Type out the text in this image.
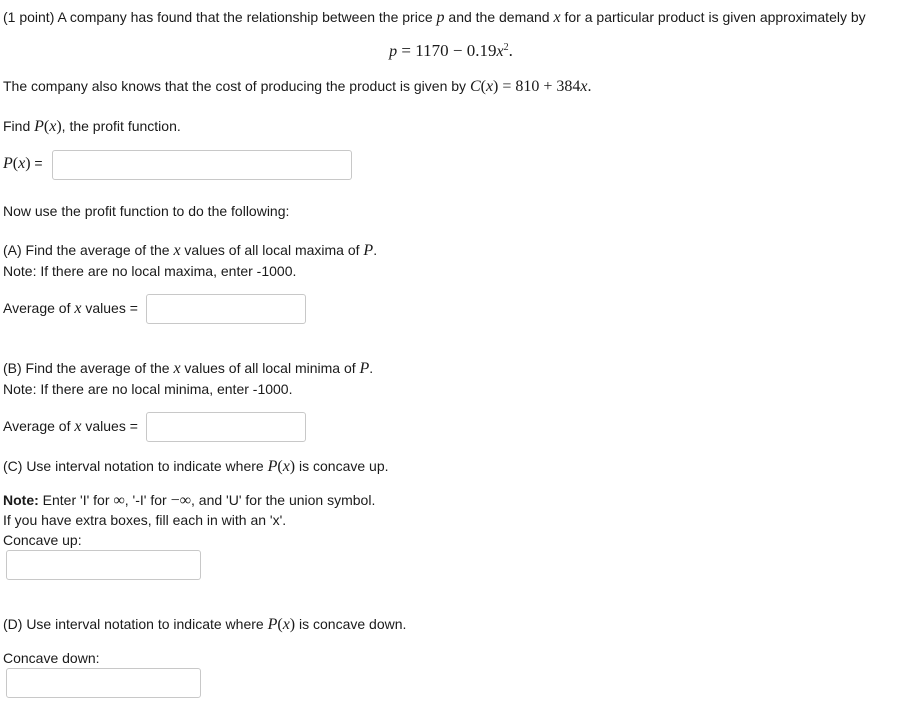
(1 point) A company has found that the relationship between the price p and the demand x for a particular product is given approximately by
$p = 1170 - 0.19x^2$.
The company also knows that the cost of producing the product is given by C(x) = 810 + 384x.
Find P(x), the profit function.
P(x) =
Now use the profit function to do the following:
(A) Find the average of the x values of all local maxima of P.
Note: If there are no local maxima, enter -1000.
Average of x values =
(B) Find the average of the x values of all local minima of P.
Note: If there are no local minima, enter -1000.
Average of x values =
(C) Use interval notation to indicate where P(x) is concave up.
Note: Enter 'I' for ∞, '-I' for −∞, and 'U' for the union symbol.
If you have extra boxes, fill each in with an 'x'.
Concave up:
(D) Use interval notation to indicate where P(x) is concave down.
Concave down:
